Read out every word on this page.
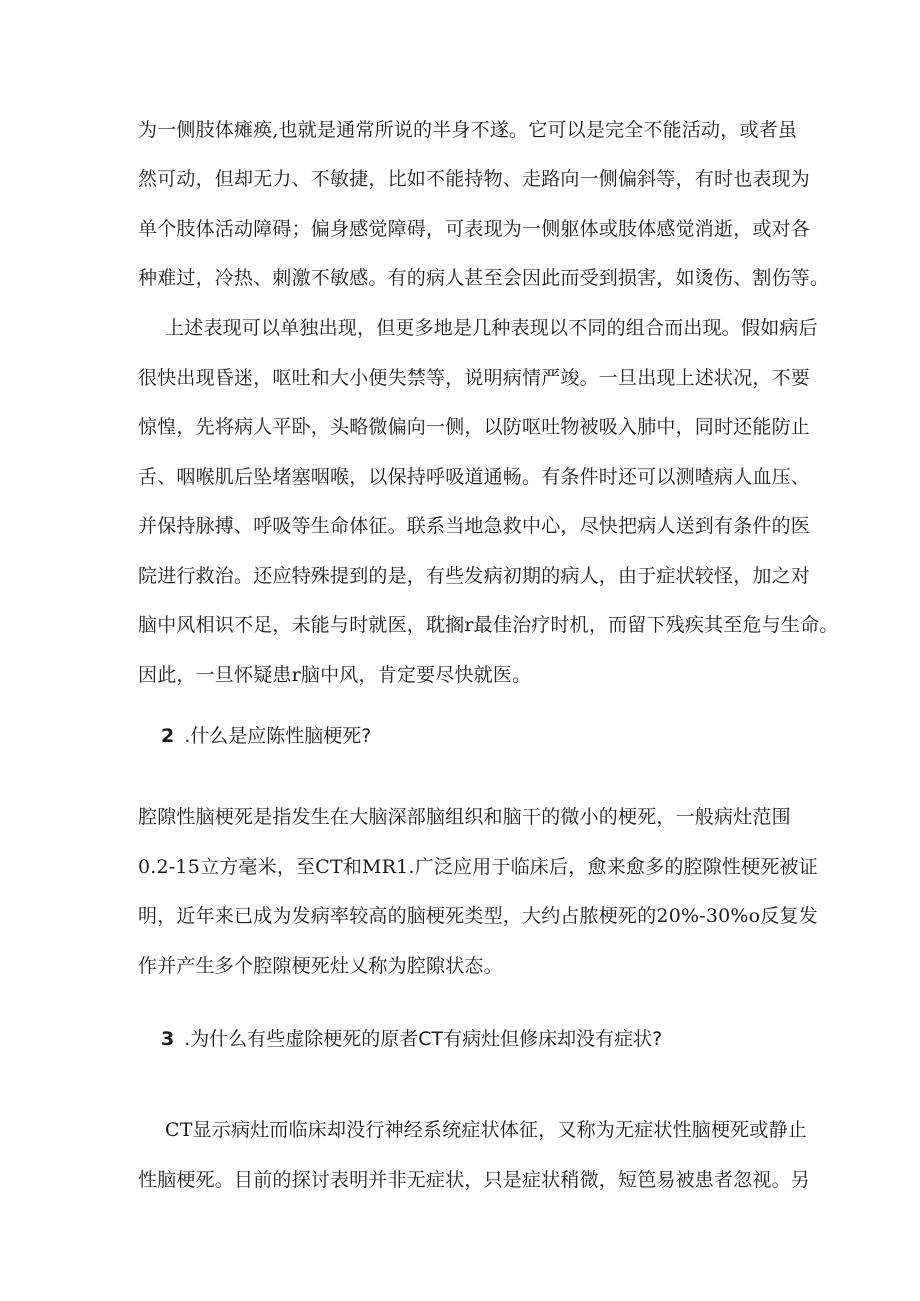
为一侧肢体瘫痪,也就是通常所说的半身不遂。它可以是完全不能活动，或者虽
然可动，但却无力、不敏捷，比如不能持物、走路向一侧偏斜等，有时也表现为
单个肢体活动障碍；偏身感觉障碍，可表现为一侧躯体或肢体感觉消逝，或对各
种难过，冷热、刺激不敏感。有的病人甚至会因此而受到损害，如烫伤、割伤等。
上述表现可以单独出现，但更多地是几种表现以不同的组合而出现。假如病后
很快出现昏迷，呕吐和大小便失禁等，说明病情严竣。一旦出现上述状况，不要
惊惶，先将病人平卧，头略微偏向一侧，以防呕吐物被吸入肺中，同时还能防止
舌、咽喉肌后坠堵塞咽喉，以保持呼吸道通畅。有条件时还可以测喳病人血压、
并保持脉搏、呼吸等生命体征。联系当地急救中心，尽快把病人送到有条件的医
院进行救治。还应特殊提到的是，有些发病初期的病人，由于症状较怪，加之对
脑中风相识不足，未能与时就医，耽搁r最佳治疗时机，而留下残疾其至危与生命。
因此，一旦怀疑患r脑中风，肯定要尽快就医。
2 .什么是应陈性脑梗死?
腔隙性脑梗死是指发生在大脑深部脑组织和脑干的微小的梗死，一般病灶范围
0.2-15立方毫米，至CT和MR1.广泛应用于临床后，愈来愈多的腔隙性梗死被证
明，近年来已成为发病率较高的脑梗死类型，大约占脓梗死的20%-30%o反复发
作并产生多个腔隙梗死灶乂称为腔隙状态。
3 .为什么有些虚除梗死的原者CT有病灶但修床却没有症状?
CT显示病灶而临床却没行神经系统症状体征，又称为无症状性脑梗死或静止
性脑梗死。目前的探讨表明并非无症状，只是症状稍微，短笆易被患者忽视。另
